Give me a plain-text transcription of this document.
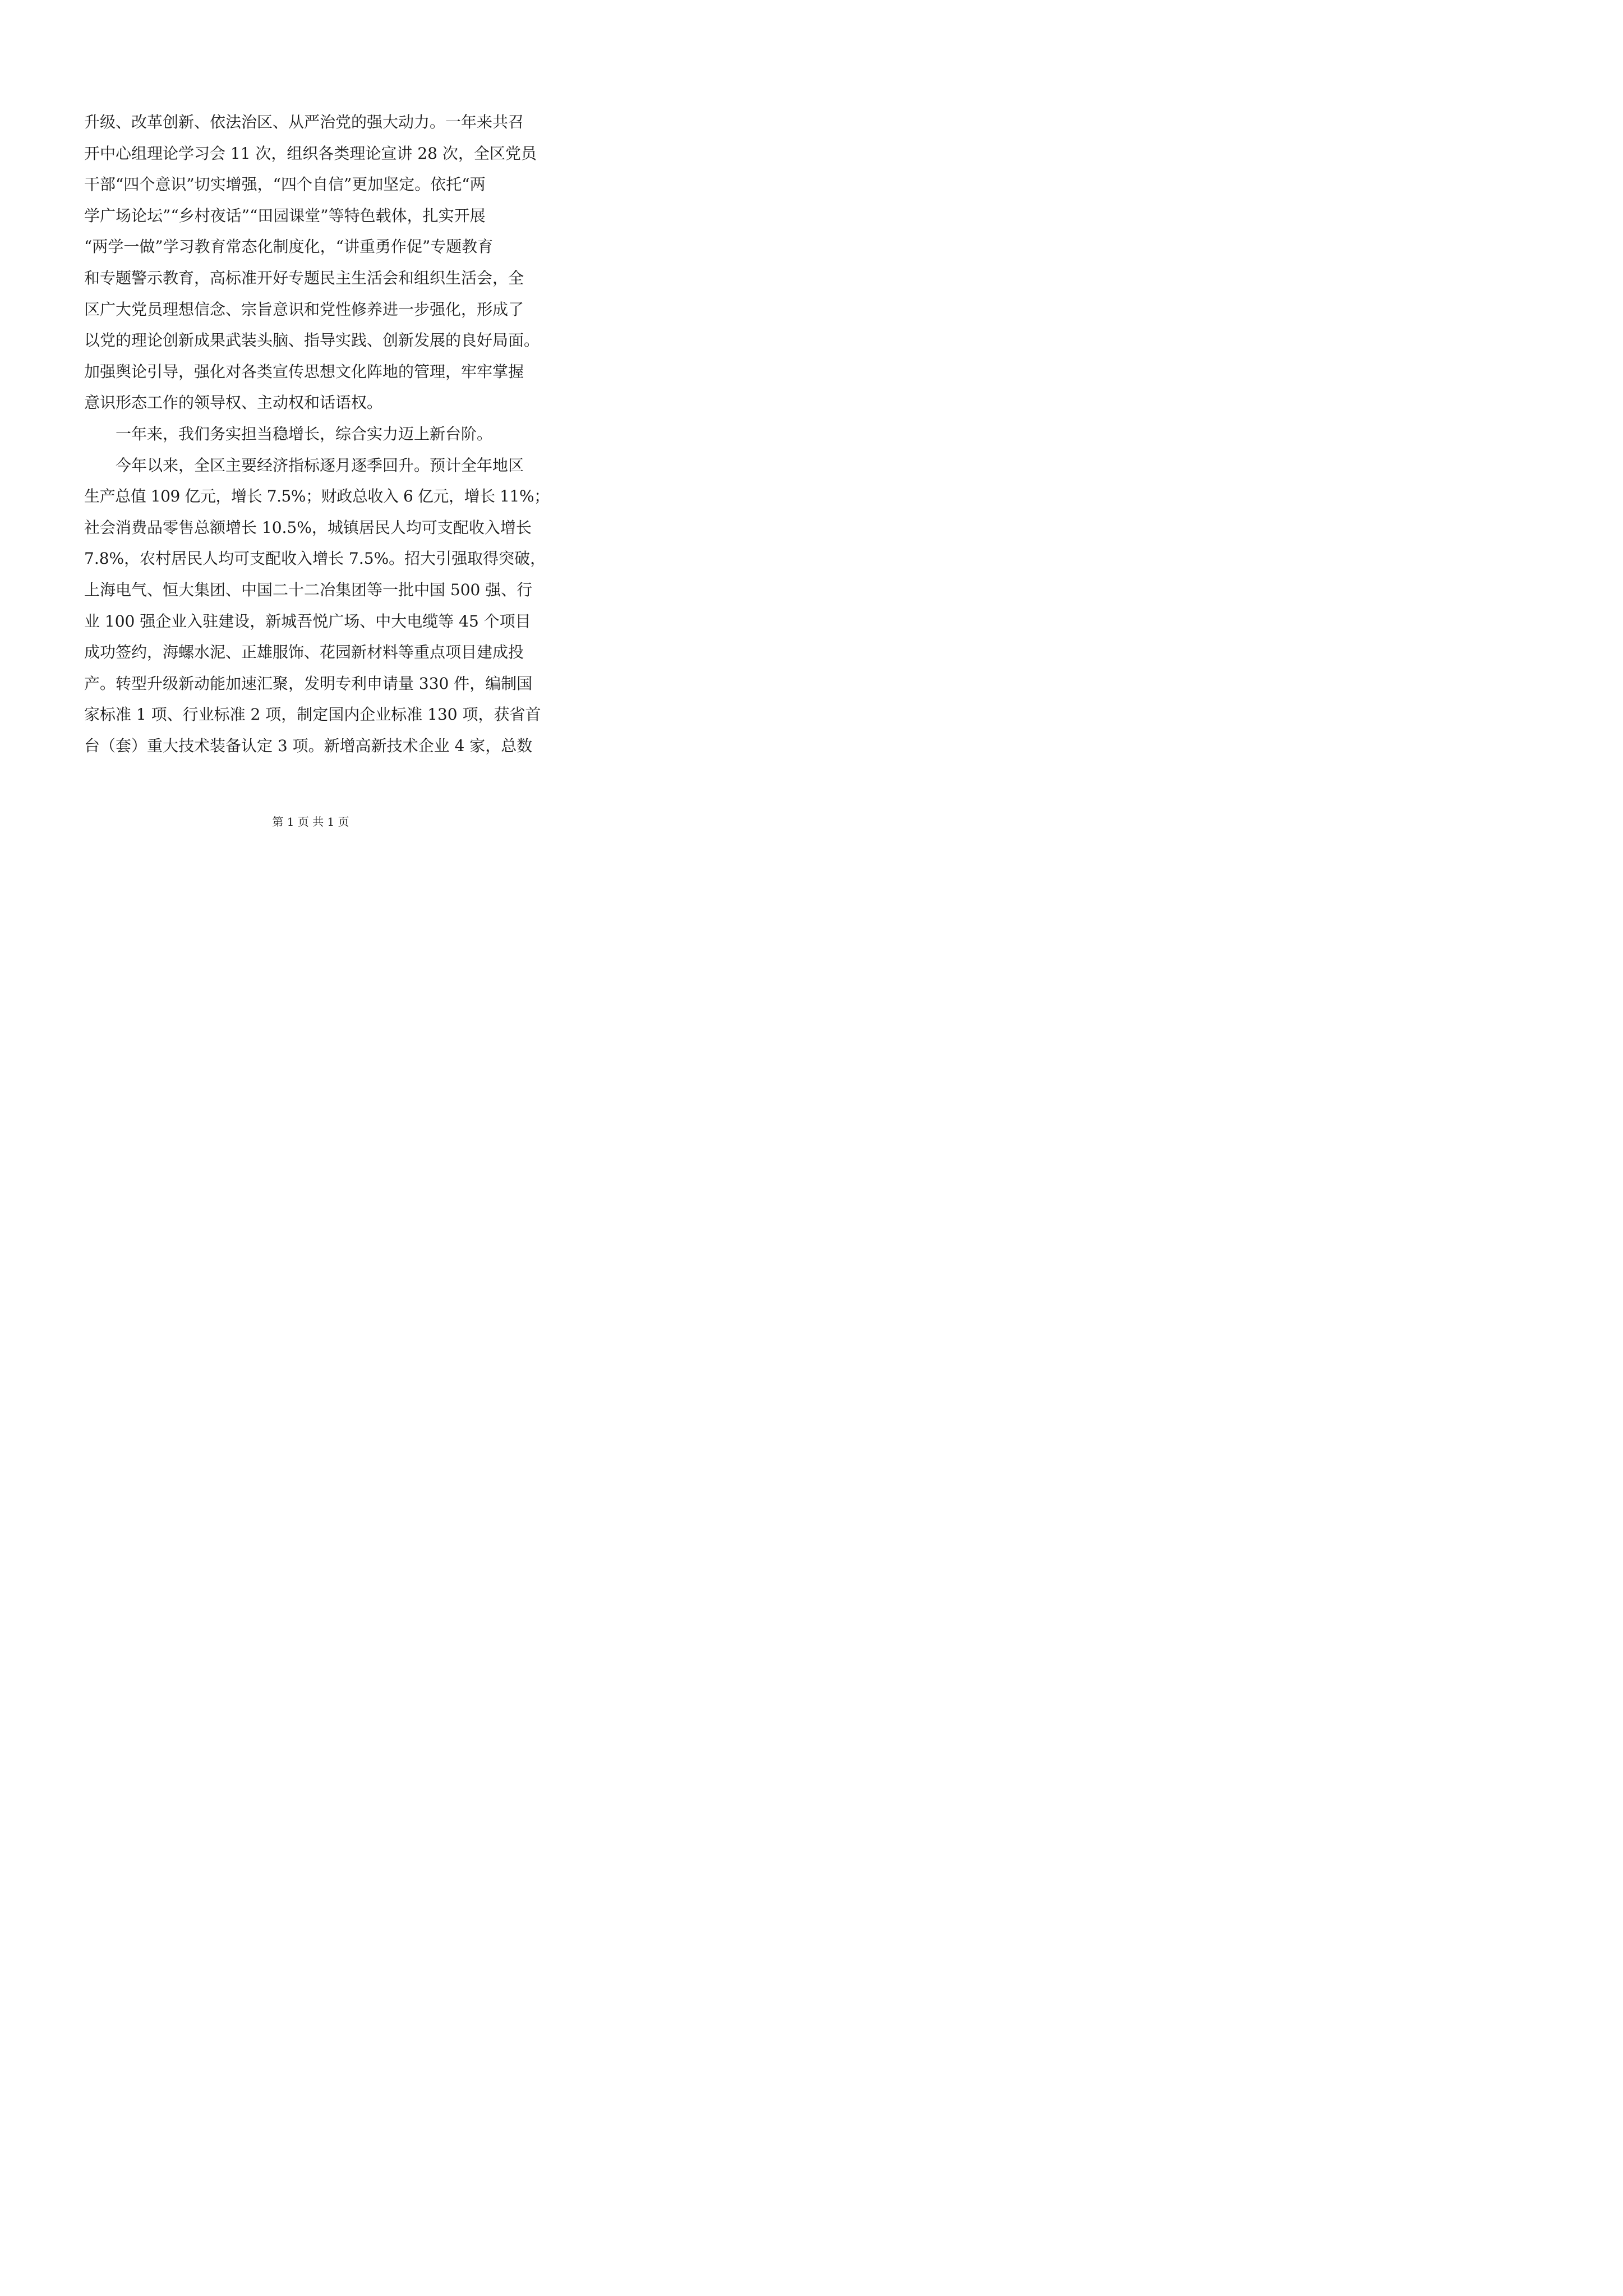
升级、改革创新、依法治区、从严治党的强大动力。一年来共召
开中心组理论学习会 11 次，组织各类理论宣讲 28 次，全区党员
干部“四个意识”切实增强，“四个自信”更加坚定。依托“两
学广场论坛”“乡村夜话”“田园课堂”等特色载体，扎实开展
“两学一做”学习教育常态化制度化，“讲重勇作促”专题教育
和专题警示教育，高标准开好专题民主生活会和组织生活会，全
区广大党员理想信念、宗旨意识和党性修养进一步强化，形成了
以党的理论创新成果武装头脑、指导实践、创新发展的良好局面。
加强舆论引导，强化对各类宣传思想文化阵地的管理，牢牢掌握
意识形态工作的领导权、主动权和话语权。
　　一年来，我们务实担当稳增长，综合实力迈上新台阶。
　　今年以来，全区主要经济指标逐月逐季回升。预计全年地区
生产总值 109 亿元，增长 7.5%；财政总收入 6 亿元，增长 11%；
社会消费品零售总额增长 10.5%，城镇居民人均可支配收入增长
7.8%，农村居民人均可支配收入增长 7.5%。招大引强取得突破，
上海电气、恒大集团、中国二十二冶集团等一批中国 500 强、行
业 100 强企业入驻建设，新城吾悦广场、中大电缆等 45 个项目
成功签约，海螺水泥、正雄服饰、花园新材料等重点项目建成投
产。转型升级新动能加速汇聚，发明专利申请量 330 件，编制国
家标准 1 项、行业标准 2 项，制定国内企业标准 130 项，获省首
台（套）重大技术装备认定 3 项。新增高新技术企业 4 家，总数
第 1 页 共 1 页
